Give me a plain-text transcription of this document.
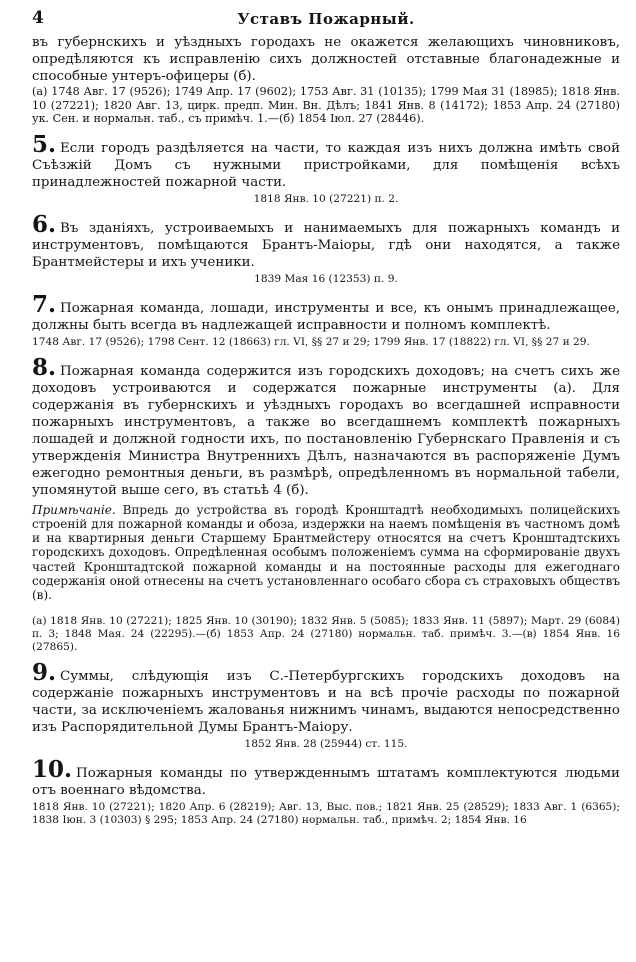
4	Уставъ Пожарный.

въ губернскихъ и уѣздныхъ городахъ не окажется желающихъ чиновниковъ, опредѣляются къ исправленію сихъ должностей отставные благонадежные и способные унтеръ-офицеры (б).

(а) 1748 Авг. 17 (9526); 1749 Апр. 17 (9602); 1753 Авг. 31 (10135); 1799 Мая 31 (18985); 1818 Янв. 10 (27221); 1820 Авг. 13, цирк. предп. Мин. Вн. Дѣлъ; 1841 Янв. 8 (14172); 1853 Апр. 24 (27180) ук. Сен. и нормальн. таб., съ примѣч. 1.—(б) 1854 Іюл. 27 (28446).

5. Если городъ раздѣляется на части, то каждая изъ нихъ должна имѣть свой Съѣзжій Домъ съ нужными пристройками, для помѣщенія всѣхъ принадлежностей пожарной части.

1818 Янв. 10 (27221) п. 2.

6. Въ зданіяхъ, устроиваемыхъ и нанимаемыхъ для пожарныхъ командъ и инструментовъ, помѣщаются Брантъ-Маіоры, гдѣ они находятся, а также Брантмейстеры и ихъ ученики.

1839 Мая 16 (12353) п. 9.

7. Пожарная команда, лошади, инструменты и все, къ онымъ принадлежащее, должны быть всегда въ надлежащей исправности и полномъ комплектѣ.

1748 Авг. 17 (9526); 1798 Сент. 12 (18663) гл. VI, §§ 27 и 29; 1799 Янв. 17 (18822) гл. VI, §§ 27 и 29.

8. Пожарная команда содержится изъ городскихъ доходовъ; на счетъ сихъ же доходовъ устроиваются и содержатся пожарные инструменты (а). Для содержанія въ губернскихъ и уѣздныхъ городахъ во всегдашней исправности пожарныхъ инструментовъ, а также во всегдашнемъ комплектѣ пожарныхъ лошадей и должной годности ихъ, по постановленію Губернскаго Правленія и съ утвержденія Министра Внутреннихъ Дѣлъ, назначаются въ распоряженіе Думъ ежегодно ремонтныя деньги, въ размѣрѣ, опредѣленномъ въ нормальной табели, упомянутой выше сего, въ статьѣ 4 (б).

Примѣчаніе. Впредь до устройства въ городѣ Кронштадтѣ необходимыхъ полицейскихъ строеній для пожарной команды и обоза, издержки на наемъ помѣщенія въ частномъ домѣ и на квартирныя деньги Старшему Брантмейстеру относятся на счетъ Кронштадтскихъ городскихъ доходовъ. Опредѣленная особымъ положеніемъ сумма на сформированіе двухъ частей Кронштадтской пожарной команды и на постоянные расходы для ежегоднаго содержанія оной отнесены на счетъ установленнаго особаго сбора съ страховыхъ обществъ (в).

(а) 1818 Янв. 10 (27221); 1825 Янв. 10 (30190); 1832 Янв. 5 (5085); 1833 Янв. 11 (5897); Март. 29 (6084) п. 3; 1848 Мая. 24 (22295).—(б) 1853 Апр. 24 (27180) нормальн. таб. примѣч. 3.—(в) 1854 Янв. 16 (27865).

9. Суммы, слѣдующія изъ С.-Петербургскихъ городскихъ доходовъ на содержаніе пожарныхъ инструментовъ и на всѣ прочіе расходы по пожарной части, за исключеніемъ жалованья нижнимъ чинамъ, выдаются непосредственно изъ Распорядительной Думы Брантъ-Маіору.

1852 Янв. 28 (25944) ст. 115.

10. Пожарныя команды по утвержденнымъ штатамъ комплектуются людьми отъ военнаго вѣдомства.

1818 Янв. 10 (27221); 1820 Апр. 6 (28219); Авг. 13, Выс. пов.; 1821 Янв. 25 (28529); 1833 Авг. 1 (6365); 1838 Іюн. 3 (10303) § 295; 1853 Апр. 24 (27180) нормальн. таб., примѣч. 2; 1854 Янв. 16
